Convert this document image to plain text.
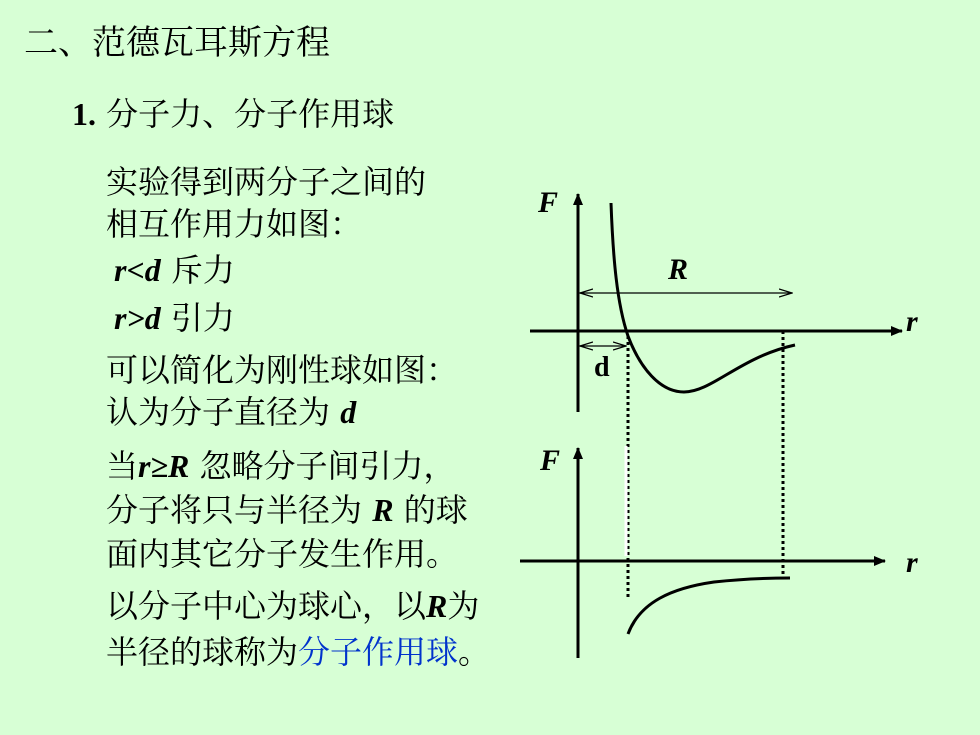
二、范德瓦耳斯方程
1. 分子力、分子作用球
实验得到两分子之间的
相互作用力如图：
r<d 斥力
r>d 引力
可以简化为刚性球如图：
认为分子直径为 d
当r≥R 忽略分子间引力，
分子将只与半径为 R 的球
面内其它分子发生作用。
以分子中心为球心，以R为
半径的球称为分子作用球。
F
r
R
d
F
r
